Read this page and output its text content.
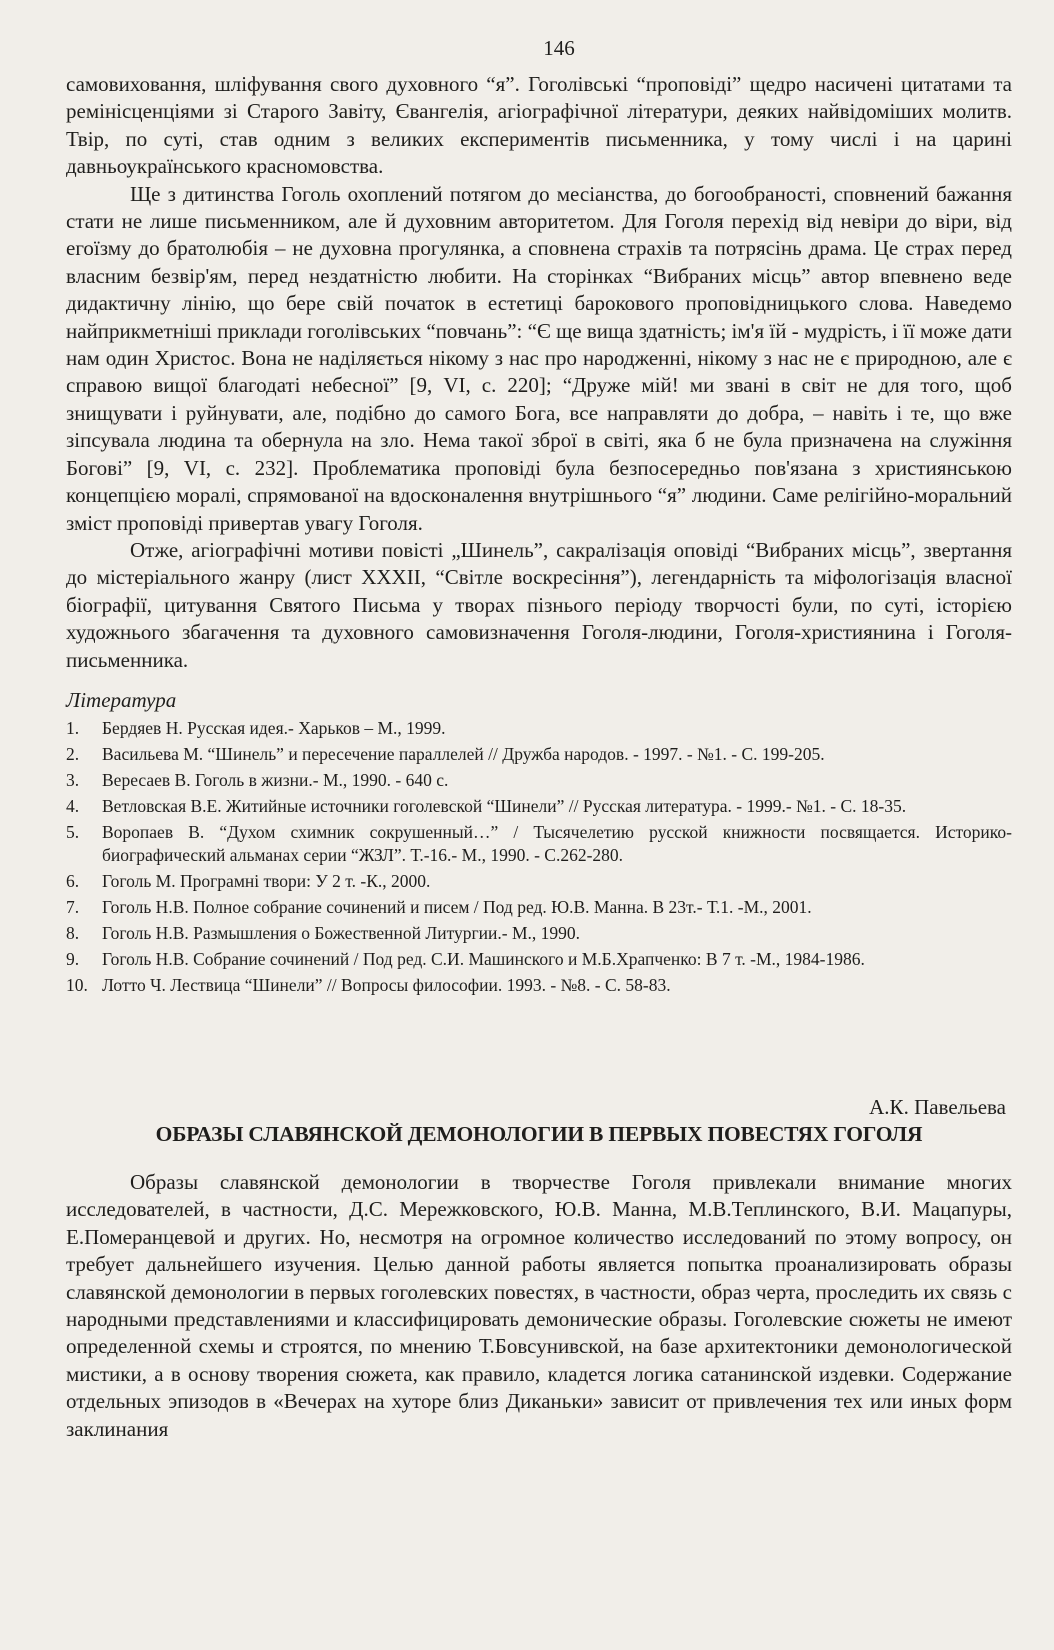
146

самовиховання, шліфування свого духовного “я”. Гоголівські “проповіді” щедро насичені цитатами та ремінісценціями зі Старого Завіту, Євангелія, агіографічної літератури, деяких найвідоміших молитв. Твір, по суті, став одним з великих експериментів письменника, у тому числі і на царині давньоукраїнського красномовства.

Ще з дитинства Гоголь охоплений потягом до месіанства, до богообраності, сповнений бажання стати не лише письменником, але й духовним авторитетом. Для Гоголя перехід від невіри до віри, від егоїзму до братолюбія – не духовна прогулянка, а сповнена страхів та потрясінь драма. Це страх перед власним безвір'ям, перед нездатністю любити. На сторінках “Вибраних місць” автор впевнено веде дидактичну лінію, що бере свій початок в естетиці барокового проповідницького слова. Наведемо найприкметніші приклади гоголівських “повчань”: “Є ще вища здатність; ім'я їй - мудрість, і її може дати нам один Христос. Вона не наділяється нікому з нас про народженні, нікому з нас не є природною, але є справою вищої благодаті небесної” [9, VI, с. 220]; “Друже мій! ми звані в світ не для того, щоб знищувати і руйнувати, але, подібно до самого Бога, все направляти до добра, – навіть і те, що вже зіпсувала людина та обернула на зло. Нема такої зброї в світі, яка б не була призначена на служіння Богові” [9, VI, с. 232]. Проблематика проповіді була безпосередньо пов'язана з християнською концепцією моралі, спрямованої на вдосконалення внутрішнього “я” людини. Саме релігійно-моральний зміст проповіді привертав увагу Гоголя.

Отже, агіографічні мотиви повісті „Шинель”, сакралізація оповіді “Вибраних місць”, звертання до містеріального жанру (лист XXXII, “Світле воскресіння”), легендарність та міфологізація власної біографії, цитування Святого Письма у творах пізнього періоду творчості були, по суті, історією художнього збагачення та духовного самовизначення Гоголя-людини, Гоголя-християнина і Гоголя-письменника.

Література
1.	Бердяев Н. Русская идея.- Харьков – М., 1999.
2.	Васильева М. “Шинель” и пересечение параллелей // Дружба народов. - 1997. - №1. - С. 199-205.
3.	Вересаев В. Гоголь в жизни.- М., 1990. - 640 с.
4.	Ветловская В.Е. Житийные источники гоголевской “Шинели” // Русская литература. - 1999.- №1. - С. 18-35.
5.	Воропаев В. “Духом схимник сокрушенный…” / Тысячелетию русской книжности посвящается. Историко-биографический альманах серии “ЖЗЛ”. Т.-16.- М., 1990. - С.262-280.
6.	Гоголь М. Програмні твори: У 2 т. -К., 2000.
7.	Гоголь Н.В. Полное собрание сочинений и писем / Под ред. Ю.В. Манна. В 23т.- Т.1. -М., 2001.
8.	Гоголь Н.В. Размышления о Божественной Литургии.- М., 1990.
9.	Гоголь Н.В. Собрание сочинений / Под ред. С.И. Машинского и М.Б.Храпченко: В 7 т. -М., 1984-1986.
10. Лотто Ч. Лествица “Шинели” // Вопросы философии. 1993. - №8. - С. 58-83.
А.К. Павельева
ОБРАЗЫ СЛАВЯНСКОЙ ДЕМОНОЛОГИИ В ПЕРВЫХ ПОВЕСТЯХ ГОГОЛЯ

Образы славянской демонологии в творчестве Гоголя привлекали внимание многих исследователей, в частности, Д.С. Мережковского, Ю.В. Манна, М.В.Теплинского, В.И. Мацапуры, Е.Померанцевой и других. Но, несмотря на огромное количество исследований по этому вопросу, он требует дальнейшего изучения. Целью данной работы является попытка проанализировать образы славянской демонологии в первых гоголевских повестях, в частности, образ черта, проследить их связь с народными представлениями и классифицировать демонические образы. Гоголевские сюжеты не имеют определенной схемы и строятся, по мнению Т.Бовсунивской, на базе архитектоники демонологической мистики, а в основу творения сюжета, как правило, кладется логика сатанинской издевки. Содержание отдельных эпизодов в «Вечерах на хуторе близ Диканьки» зависит от привлечения тех или иных форм заклинания
